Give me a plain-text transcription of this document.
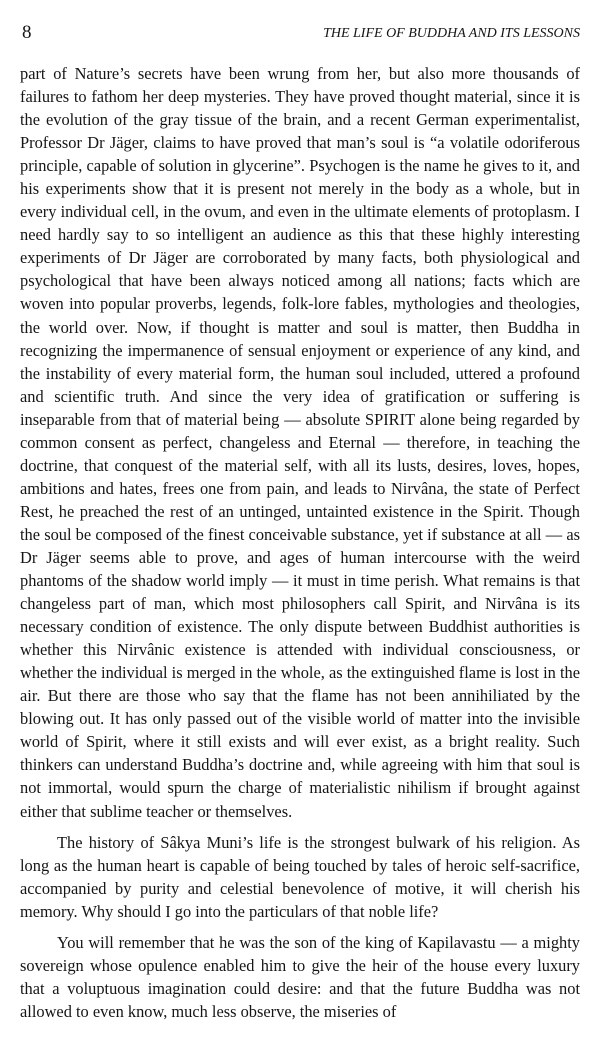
8	THE LIFE OF BUDDHA AND ITS LESSONS

part of Nature’s secrets have been wrung from her, but also more thousands of failures to fathom her deep mysteries. They have proved thought material, since it is the evolution of the gray tissue of the brain, and a recent German experimentalist, Professor Dr Jäger, claims to have proved that man’s soul is “a volatile odoriferous principle, capable of solution in glycerine”. Psychogen is the name he gives to it, and his experiments show that it is present not merely in the body as a whole, but in every individual cell, in the ovum, and even in the ultimate elements of protoplasm. I need hardly say to so intelligent an audience as this that these highly interesting experiments of Dr Jäger are corroborated by many facts, both physiological and psychological that have been always noticed among all nations; facts which are woven into popular proverbs, legends, folk-lore fables, mythologies and theologies, the world over. Now, if thought is matter and soul is matter, then Buddha in recognizing the impermanence of sensual enjoyment or experience of any kind, and the instability of every material form, the human soul included, uttered a profound and scientific truth. And since the very idea of gratification or suffering is inseparable from that of material being — absolute SPIRIT alone being regarded by common consent as perfect, changeless and Eternal — therefore, in teaching the doctrine, that conquest of the material self, with all its lusts, desires, loves, hopes, ambitions and hates, frees one from pain, and leads to Nirvâna, the state of Perfect Rest, he preached the rest of an untinged, untainted existence in the Spirit. Though the soul be composed of the finest conceivable substance, yet if substance at all — as Dr Jäger seems able to prove, and ages of human intercourse with the weird phantoms of the shadow world imply — it must in time perish. What remains is that changeless part of man, which most philosophers call Spirit, and Nirvâna is its necessary condition of existence. The only dispute between Buddhist authorities is whether this Nirvânic existence is attended with individual consciousness, or whether the individual is merged in the whole, as the extinguished flame is lost in the air. But there are those who say that the flame has not been annihiliated by the blowing out. It has only passed out of the visible world of matter into the invisible world of Spirit, where it still exists and will ever exist, as a bright reality. Such thinkers can understand Buddha’s doctrine and, while agreeing with him that soul is not immortal, would spurn the charge of materialistic nihilism if brought against either that sublime teacher or themselves.

The history of Sâkya Muni’s life is the strongest bulwark of his religion. As long as the human heart is capable of being touched by tales of heroic self-sacrifice, accompanied by purity and celestial benevolence of motive, it will cherish his memory. Why should I go into the particulars of that noble life?

You will remember that he was the son of the king of Kapilavastu — a mighty sovereign whose opulence enabled him to give the heir of the house every luxury that a voluptuous imagination could desire: and that the future Buddha was not allowed to even know, much less observe, the miseries of
